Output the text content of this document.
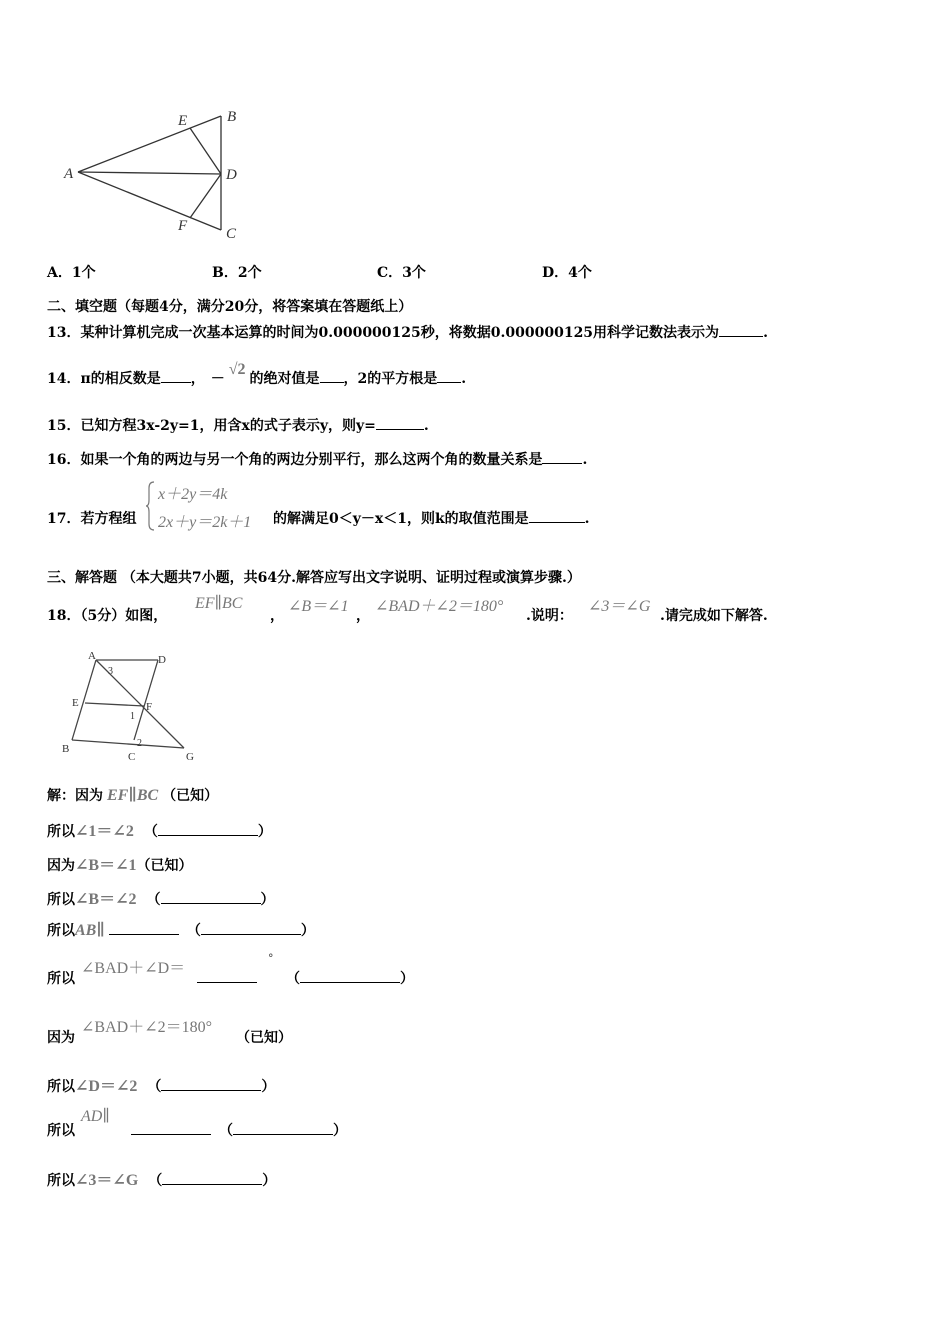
A
B
C
D
E
F
A．1个	B．2个	C．3个	D．4个
二、填空题（每题4分，满分20分，将答案填在答题纸上）
13．某种计算机完成一次基本运算的时间为0.000000125秒，将数据0.000000125用科学记数法表示为	.
14．π的相反数是 ， －√2的绝对值是 ，2的平方根是 .
15．已知方程3x-2y=1，用含x的式子表示y，则y=	.
16．如果一个角的两边与另一个角的两边分别平行，那么这两个角的数量关系是	.
17．若方程组
x＋2y＝4k
2x＋y＝2k＋1 的解满足0＜y－x＜1，则k的取值范围是	.
三、解答题 （本大题共7小题，共64分.解答应写出文字说明、证明过程或演算步骤.）
18．（5分）如图，
EF∥BC
，
∠B＝∠1
，
∠BAD＋∠2＝180°
.说明：
∠3＝∠G
.请完成如下解答.
A	D
3
E	F
1
B
C
2
G
解：因为 EF∥BC （已知）
所以∠1＝∠2 （	）
因为∠B＝∠1（已知）
所以∠B＝∠2 （	）
所以AB∥	（	）
所以
∠BAD＋∠D＝
°
（	）
因为
∠BAD＋∠2＝180°
（已知）
所以∠D＝∠2 （	）
所以
AD∥
（	）
所以∠3＝∠G （	）
